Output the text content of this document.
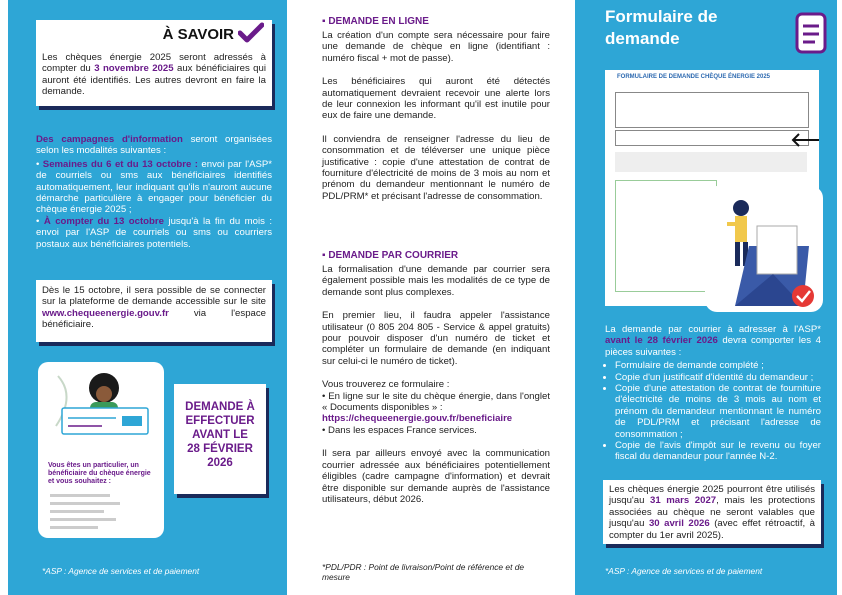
À SAVOIR
Les chèques énergie 2025 seront adressés à compter du 3 novembre 2025 aux bénéficiaires qui auront été identifiés. Les autres devront en faire la demande.
Des campagnes d'information seront organisées selon les modalités suivantes :
• Semaines du 6 et du 13 octobre : envoi par l'ASP* de courriels ou sms aux bénéficiaires identifiés automatiquement, leur indiquant qu'ils n'auront aucune démarche particulière à engager pour bénéficier du chèque énergie 2025 ;
• À compter du 13 octobre jusqu'à la fin du mois : envoi par l'ASP de courriels ou sms ou courriers postaux aux bénéficiaires potentiels.
Dès le 15 octobre, il sera possible de se connecter sur la plateforme de demande accessible sur le site www.chequeenergie.gouv.fr via l'espace bénéficiaire.
Vous êtes un particulier, un bénéficiaire du chèque énergie et vous souhaitez :
DEMANDE À
EFFECTUER
AVANT LE
28 FÉVRIER
2026
*ASP : Agence de services et de paiement
▪ DEMANDE EN LIGNE
La création d'un compte sera nécessaire pour faire une demande de chèque en ligne (identifiant : numéro fiscal + mot de passe).
Les bénéficiaires qui auront été détectés automatiquement devraient recevoir une alerte lors de leur connexion les informant qu'il est inutile pour eux de faire une demande.
Il conviendra de renseigner l'adresse du lieu de consommation et de téléverser une unique pièce justificative : copie d'une attestation de contrat de fourniture d'électricité de moins de 3 mois au nom et prénom du demandeur mentionnant le numéro de PDL/PRM* et précisant l'adresse de consommation.
▪ DEMANDE PAR COURRIER
La formalisation d'une demande par courrier sera également possible mais les modalités de ce type de demande sont plus complexes.
En premier lieu, il faudra appeler l'assistance utilisateur (0 805 204 805 - Service & appel gratuits) pour pouvoir disposer d'un numéro de ticket et compléter un formulaire de demande (en indiquant sur celui-ci le numéro de ticket).
Vous trouverez ce formulaire :
• En ligne sur le site du chèque énergie, dans l'onglet « Documents disponibles » :
https://chequeenergie.gouv.fr/beneficiaire
• Dans les espaces France services.
Il sera par ailleurs envoyé avec la communication courrier adressée aux bénéficiaires potentiellement éligibles (cadre campagne d'information) et devrait être disponible sur demande auprès de l'assistance utilisateurs, début 2026.
*PDL/PDR : Point de livraison/Point de référence et de mesure
Formulaire de
demande
FORMULAIRE DE DEMANDE CHÈQUE ÉNERGIE 2025
La demande par courrier à adresser à l'ASP* avant le 28 février 2026 devra comporter les 4 pièces suivantes :
• Formulaire de demande complété ;
• Copie d'un justificatif d'identité du demandeur ;
• Copie d'une attestation de contrat de fourniture d'électricité de moins de 3 mois au nom et prénom du demandeur mentionnant le numéro de PDL/PRM et précisant l'adresse de consommation ;
• Copie de l'avis d'impôt sur le revenu ou foyer fiscal du demandeur pour l'année N-2.
Les chèques énergie 2025 pourront être utilisés jusqu'au 31 mars 2027, mais les protections associées au chèque ne seront valables que jusqu'au 30 avril 2026 (avec effet rétroactif, à compter du 1er avril 2025).
*ASP : Agence de services et de paiement
